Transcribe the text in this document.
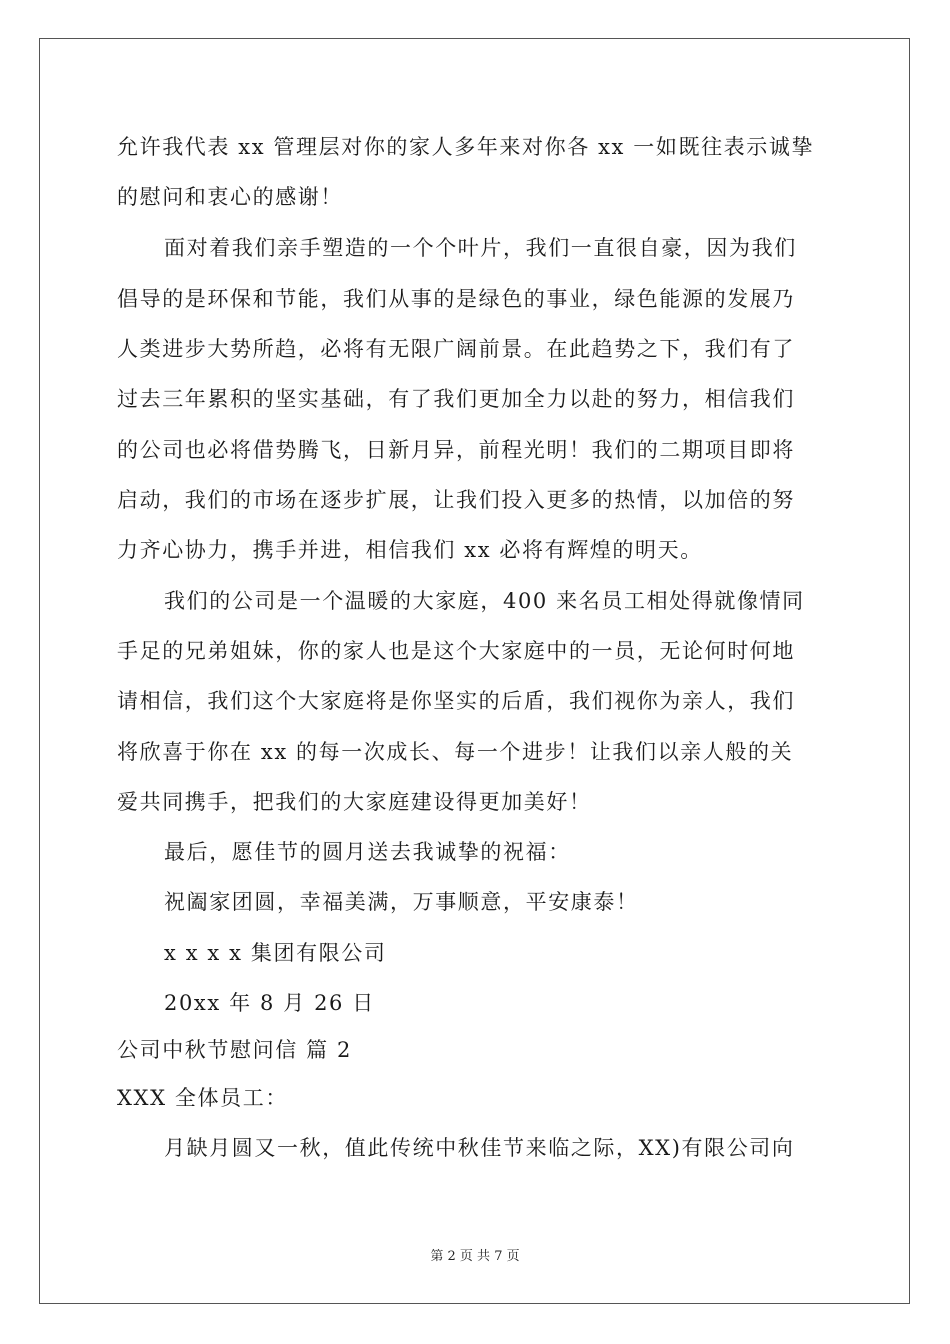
允许我代表 xx 管理层对你的家人多年来对你各 xx 一如既往表示诚挚
的慰问和衷心的感谢！
面对着我们亲手塑造的一个个叶片，我们一直很自豪，因为我们
倡导的是环保和节能，我们从事的是绿色的事业，绿色能源的发展乃
人类进步大势所趋，必将有无限广阔前景。在此趋势之下，我们有了
过去三年累积的坚实基础，有了我们更加全力以赴的努力，相信我们
的公司也必将借势腾飞，日新月异，前程光明！我们的二期项目即将
启动，我们的市场在逐步扩展，让我们投入更多的热情，以加倍的努
力齐心协力，携手并进，相信我们 xx 必将有辉煌的明天。
我们的公司是一个温暖的大家庭，400 来名员工相处得就像情同
手足的兄弟姐妹，你的家人也是这个大家庭中的一员，无论何时何地
请相信，我们这个大家庭将是你坚实的后盾，我们视你为亲人，我们
将欣喜于你在 xx 的每一次成长、每一个进步！让我们以亲人般的关
爱共同携手，把我们的大家庭建设得更加美好！
最后，愿佳节的圆月送去我诚挚的祝福：
祝阖家团圆，幸福美满，万事顺意，平安康泰！
x x x x 集团有限公司
20xx 年 8 月 26 日
公司中秋节慰问信 篇 2
XXX 全体员工：
月缺月圆又一秋，值此传统中秋佳节来临之际，XX)有限公司向
第 2 页 共 7 页
